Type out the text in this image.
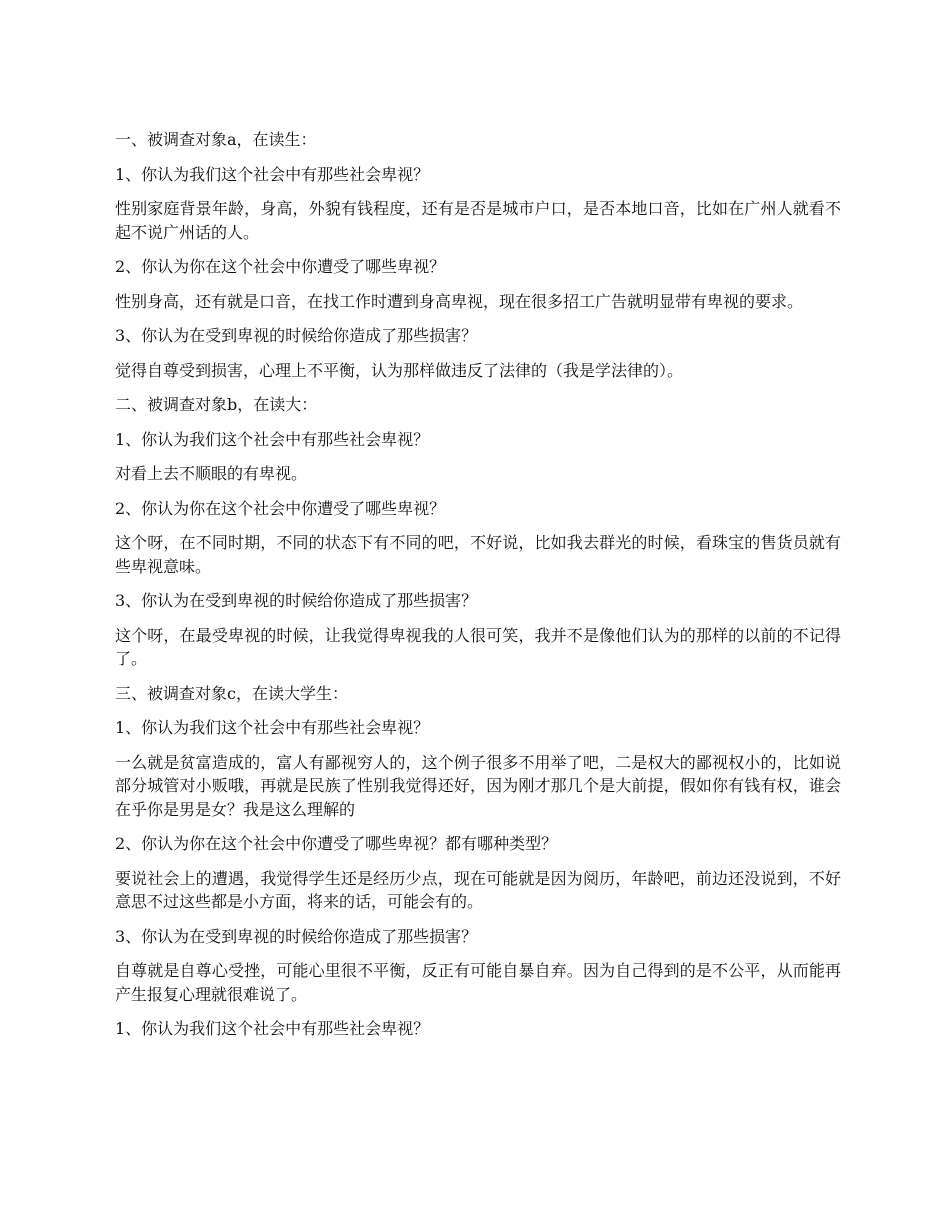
一、被调查对象a，在读生：

1、你认为我们这个社会中有那些社会卑视？

性别家庭背景年龄，身高，外貌有钱程度，还有是否是城市户口，是否本地口音，比如在广州人就看不起不说广州话的人。

2、你认为你在这个社会中你遭受了哪些卑视？

性别身高，还有就是口音，在找工作时遭到身高卑视，现在很多招工广告就明显带有卑视的要求。

3、你认为在受到卑视的时候给你造成了那些损害？

觉得自尊受到损害，心理上不平衡，认为那样做违反了法律的（我是学法律的）。

二、被调查对象b，在读大：

1、你认为我们这个社会中有那些社会卑视？

对看上去不顺眼的有卑视。

2、你认为你在这个社会中你遭受了哪些卑视？

这个呀，在不同时期，不同的状态下有不同的吧，不好说，比如我去群光的时候，看珠宝的售货员就有些卑视意味。

3、你认为在受到卑视的时候给你造成了那些损害？

这个呀，在最受卑视的时候，让我觉得卑视我的人很可笑，我并不是像他们认为的那样的以前的不记得了。

三、被调查对象c，在读大学生：

1、你认为我们这个社会中有那些社会卑视？

一么就是贫富造成的，富人有鄙视穷人的，这个例子很多不用举了吧，二是权大的鄙视权小的，比如说部分城管对小贩哦，再就是民族了性别我觉得还好，因为刚才那几个是大前提，假如你有钱有权，谁会在乎你是男是女？我是这么理解的

2、你认为你在这个社会中你遭受了哪些卑视？都有哪种类型？

要说社会上的遭遇，我觉得学生还是经历少点，现在可能就是因为阅历，年龄吧，前边还没说到，不好意思不过这些都是小方面，将来的话，可能会有的。

3、你认为在受到卑视的时候给你造成了那些损害？

自尊就是自尊心受挫，可能心里很不平衡，反正有可能自暴自弃。因为自己得到的是不公平，从而能再产生报复心理就很难说了。

1、你认为我们这个社会中有那些社会卑视？
